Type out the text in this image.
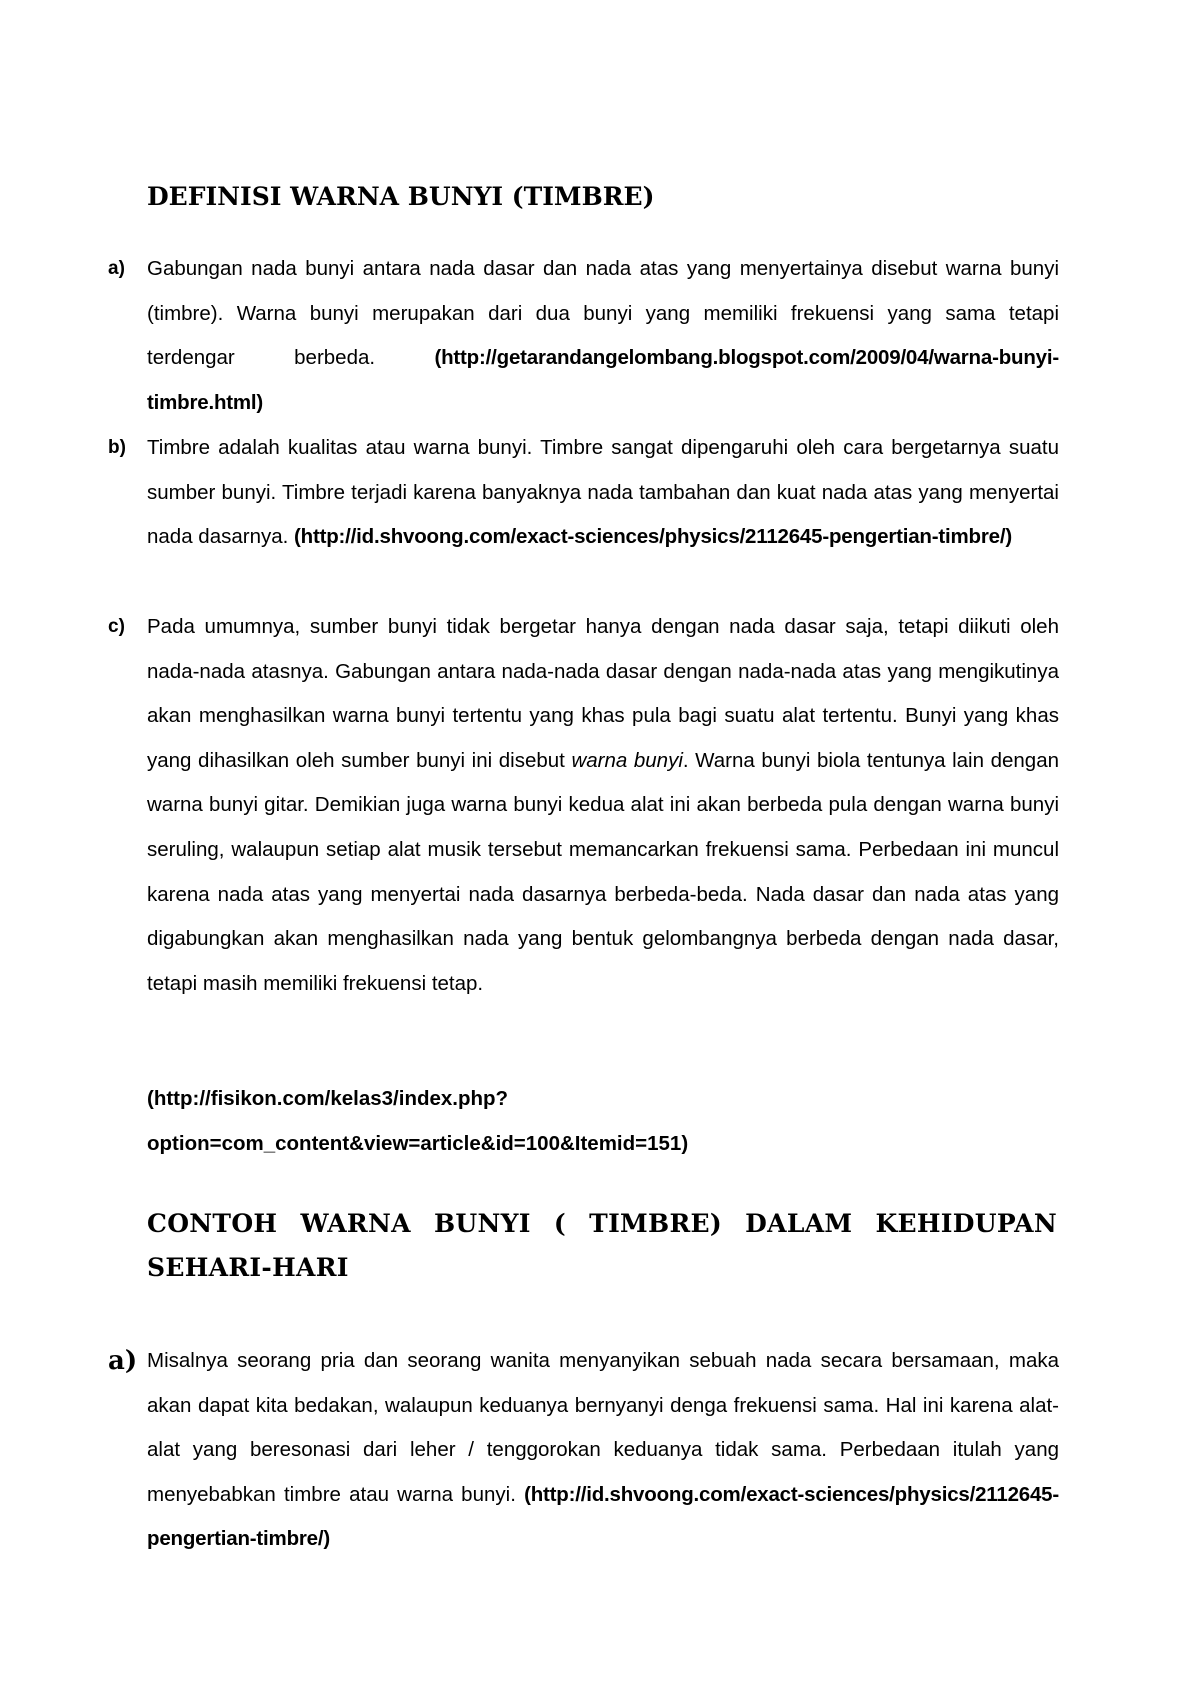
DEFINISI WARNA BUNYI (TIMBRE)
a) Gabungan nada bunyi antara nada dasar dan nada atas yang menyertainya disebut warna bunyi (timbre). Warna bunyi merupakan dari dua bunyi yang memiliki frekuensi yang sama tetapi terdengar berbeda. (http://getarandangelombang.blogspot.com/2009/04/warna-bunyi-timbre.html)

b) Timbre adalah kualitas atau warna bunyi. Timbre sangat dipengaruhi oleh cara bergetarnya suatu sumber bunyi. Timbre terjadi karena banyaknya nada tambahan dan kuat nada atas yang menyertai nada dasarnya. (http://id.shvoong.com/exact-sciences/physics/2112645-pengertian-timbre/)

c) Pada umumnya, sumber bunyi tidak bergetar hanya dengan nada dasar saja, tetapi diikuti oleh nada-nada atasnya. Gabungan antara nada-nada dasar dengan nada-nada atas yang mengikutinya akan menghasilkan warna bunyi tertentu yang khas pula bagi suatu alat tertentu. Bunyi yang khas yang dihasilkan oleh sumber bunyi ini disebut warna bunyi. Warna bunyi biola tentunya lain dengan warna bunyi gitar. Demikian juga warna bunyi kedua alat ini akan berbeda pula dengan warna bunyi seruling, walaupun setiap alat musik tersebut memancarkan frekuensi sama. Perbedaan ini muncul karena nada atas yang menyertai nada dasarnya berbeda-beda. Nada dasar dan nada atas yang digabungkan akan menghasilkan nada yang bentuk gelombangnya berbeda dengan nada dasar, tetapi masih memiliki frekuensi tetap.

(http://fisikon.com/kelas3/index.php?
option=com_content&view=article&id=100&Itemid=151)

CONTOH WARNA BUNYI ( TIMBRE) DALAM KEHIDUPAN SEHARI-HARI
a) Misalnya seorang pria dan seorang wanita menyanyikan sebuah nada secara bersamaan, maka akan dapat kita bedakan, walaupun keduanya bernyanyi denga frekuensi sama. Hal ini karena alat-alat yang beresonasi dari leher / tenggorokan keduanya tidak sama. Perbedaan itulah yang menyebabkan timbre atau warna bunyi. (http://id.shvoong.com/exact-sciences/physics/2112645-pengertian-timbre/)
